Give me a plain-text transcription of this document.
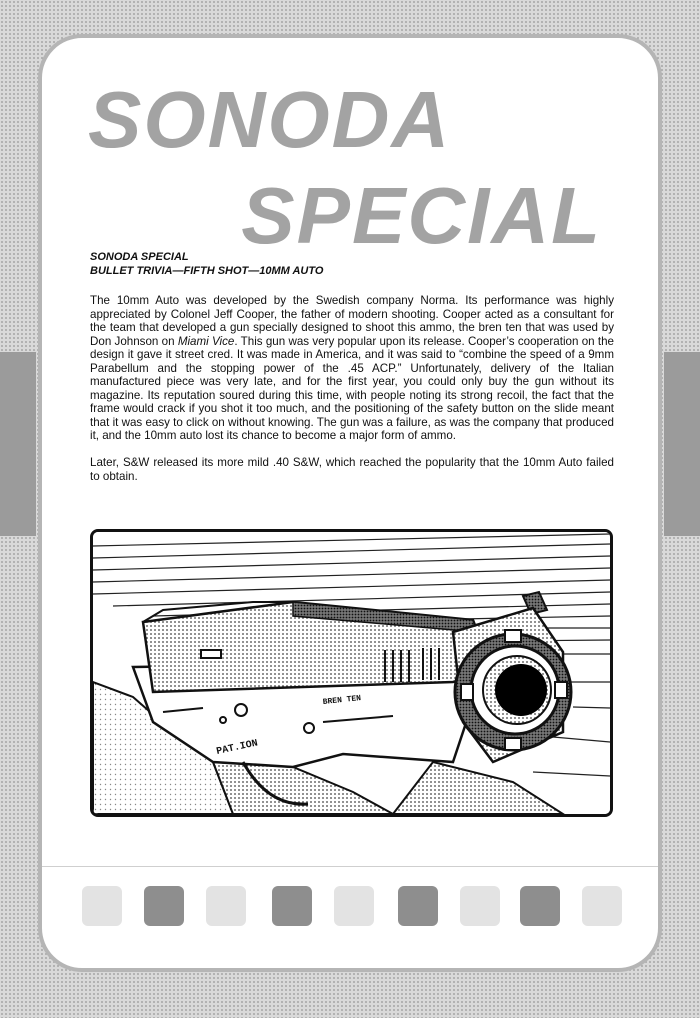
SONODA
SPECIAL
SONODA SPECIAL
BULLET TRIVIA—FIFTH SHOT—10MM AUTO

The 10mm Auto was developed by the Swedish company Norma. Its performance was highly appreciated by Colonel Jeff Cooper, the father of modern shooting. Cooper acted as a consultant for the team that developed a gun specially designed to shoot this ammo, the bren ten that was used by Don Johnson on Miami Vice. This gun was very popular upon its release. Cooper’s cooperation on the design it gave it street cred. It was made in America, and it was said to “combine the speed of a 9mm Parabellum and the stopping power of the .45 ACP.” Unfortunately, delivery of the Italian manufactured piece was very late, and for the first year, you could only buy the gun without its magazine. Its reputation soured during this time, with people noting its strong recoil, the fact that the frame would crack if you shot it too much, and the positioning of the safety button on the slide meant that it was easy to click on without knowing. The gun was a failure, as was the company that produced it, and the 10mm auto lost its chance to become a major form of ammo.

Later, S&W released its more mild .40 S&W, which reached the popularity that the 10mm Auto failed to obtain.

PAT.ION
BREN TEN
